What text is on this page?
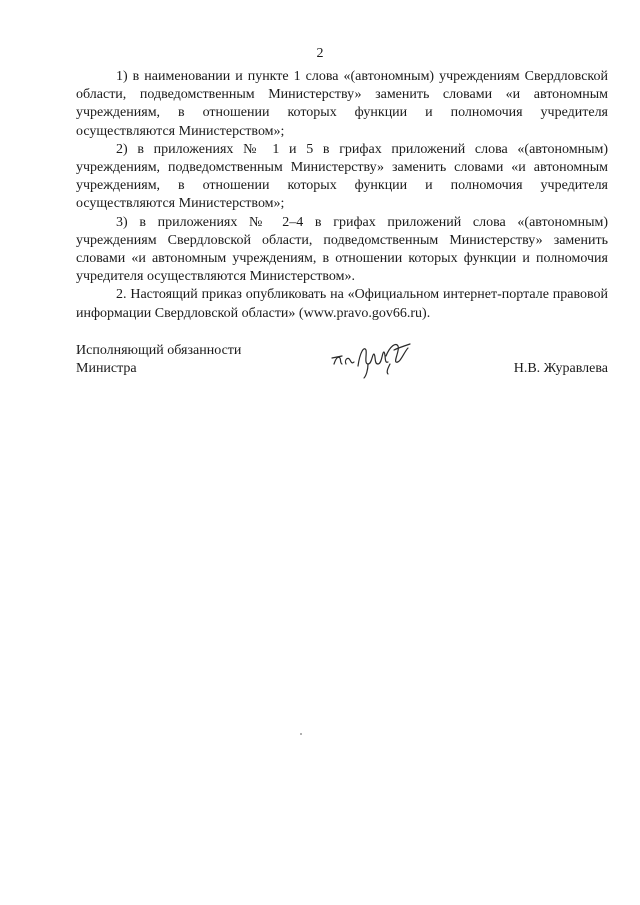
2

1) в наименовании и пункте 1 слова «(автономным) учреждениям Свердловской области, подведомственным Министерству» заменить словами «и автономным учреждениям, в отношении которых функции и полномочия учредителя осуществляются Министерством»;

2) в приложениях № 1 и 5 в грифах приложений слова «(автономным) учреждениям, подведомственным Министерству» заменить словами «и автономным учреждениям, в отношении которых функции и полномочия учредителя осуществляются Министерством»;

3) в приложениях № 2–4 в грифах приложений слова «(автономным) учреждениям Свердловской области, подведомственным Министерству» заменить словами «и автономным учреждениям, в отношении которых функции и полномочия учредителя осуществляются Министерством».

2. Настоящий приказ опубликовать на «Официальном интернет-портале правовой информации Свердловской области» (www.pravo.gov66.ru).

Исполняющий обязанности
Министра	Н.В. Журавлева
